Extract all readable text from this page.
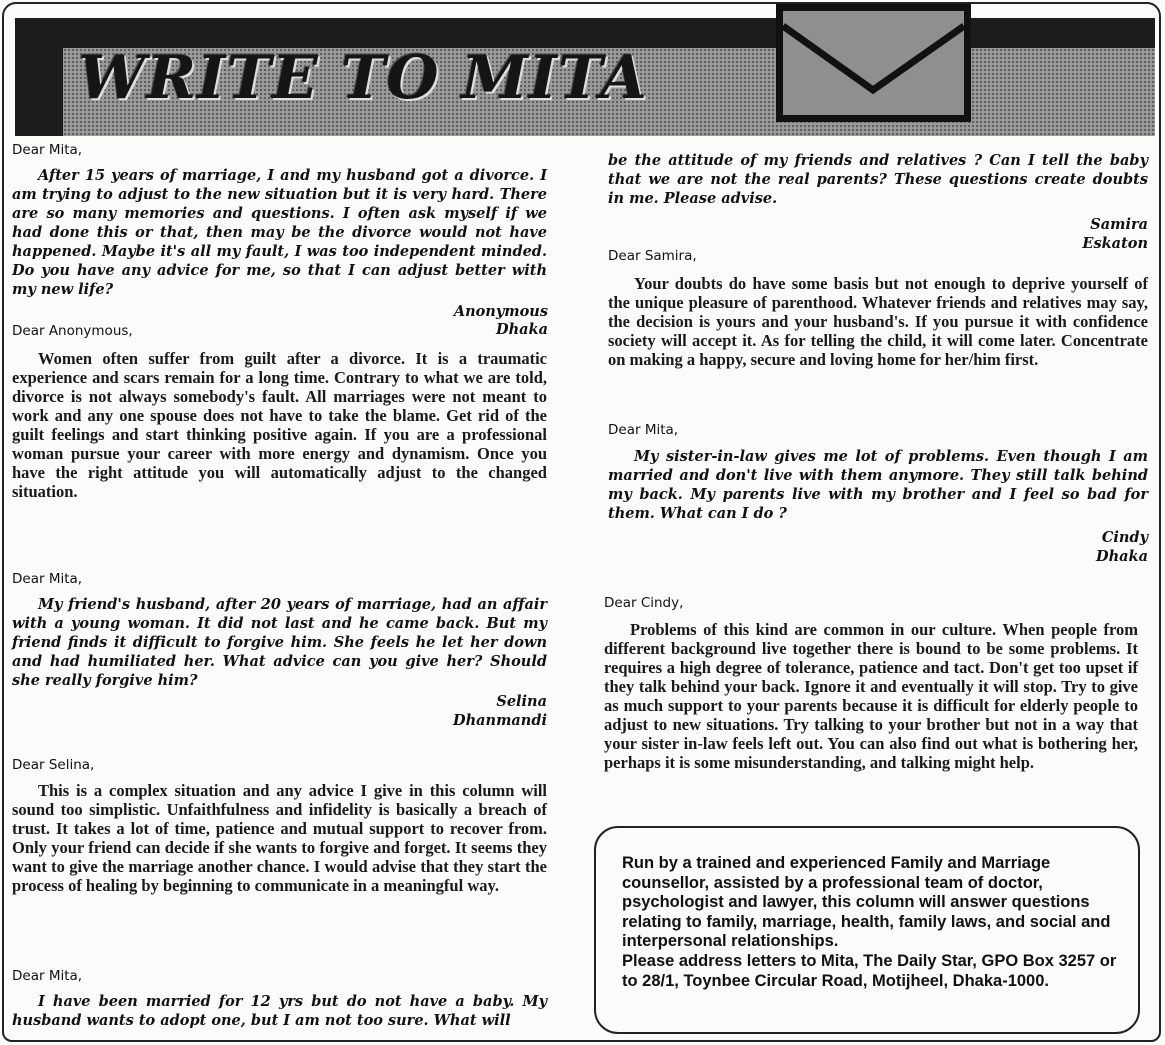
WRITE TO MITA

Dear Mita,

After 15 years of marriage, I and my husband got a divorce. I am trying to adjust to the new situation but it is very hard. There are so many memories and questions. I often ask myself if we had done this or that, then may be the divorce would not have happened. Maybe it's all my fault, I was too independent minded. Do you have any advice for me, so that I can adjust better with my new life?

Anonymous
Dear Anonymous,	Dhaka

Women often suffer from guilt after a divorce. It is a traumatic experience and scars remain for a long time. Contrary to what we are told, divorce is not always somebody's fault. All marriages were not meant to work and any one spouse does not have to take the blame. Get rid of the guilt feelings and start thinking positive again. If you are a professional woman pursue your career with more energy and dynamism. Once you have the right attitude you will automatically adjust to the changed situation.

Dear Mita,

My friend's husband, after 20 years of marriage, had an affair with a young woman. It did not last and he came back. But my friend finds it difficult to forgive him. She feels he let her down and had humiliated her. What advice can you give her? Should she really forgive him?

Selina
Dhanmandi

Dear Selina,

This is a complex situation and any advice I give in this column will sound too simplistic. Unfaithfulness and infidelity is basically a breach of trust. It takes a lot of time, patience and mutual support to recover from. Only your friend can decide if she wants to forgive and forget. It seems they want to give the marriage another chance. I would advise that they start the process of healing by beginning to communicate in a meaningful way.

Dear Mita,

I have been married for 12 yrs but do not have a baby. My husband wants to adopt one, but I am not too sure. What will

be the attitude of my friends and relatives ? Can I tell the baby that we are not the real parents? These questions create doubts in me. Please advise.

Samira
Eskaton

Dear Samira,

Your doubts do have some basis but not enough to deprive yourself of the unique pleasure of parenthood. Whatever friends and relatives may say, the decision is yours and your husband's. If you pursue it with confidence society will accept it. As for telling the child, it will come later. Concentrate on making a happy, secure and loving home for her/him first.

Dear Mita,

My sister-in-law gives me lot of problems. Even though I am married and don't live with them anymore. They still talk behind my back. My parents live with my brother and I feel so bad for them. What can I do ?

Cindy
Dhaka

Dear Cindy,

Problems of this kind are common in our culture. When people from different background live together there is bound to be some problems. It requires a high degree of tolerance, patience and tact. Don't get too upset if they talk behind your back. Ignore it and eventually it will stop. Try to give as much support to your parents because it is difficult for elderly people to adjust to new situations. Try talking to your brother but not in a way that your sister in-law feels left out. You can also find out what is bothering her, perhaps it is some misunderstanding, and talking might help.

Run by a trained and experienced Family and Marriage counsellor, assisted by a professional team of doctor, psychologist and lawyer, this column will answer questions relating to family, marriage, health, family laws, and social and interpersonal relationships.

Please address letters to Mita, The Daily Star, GPO Box 3257 or to 28/1, Toynbee Circular Road, Motijheel, Dhaka-1000.
